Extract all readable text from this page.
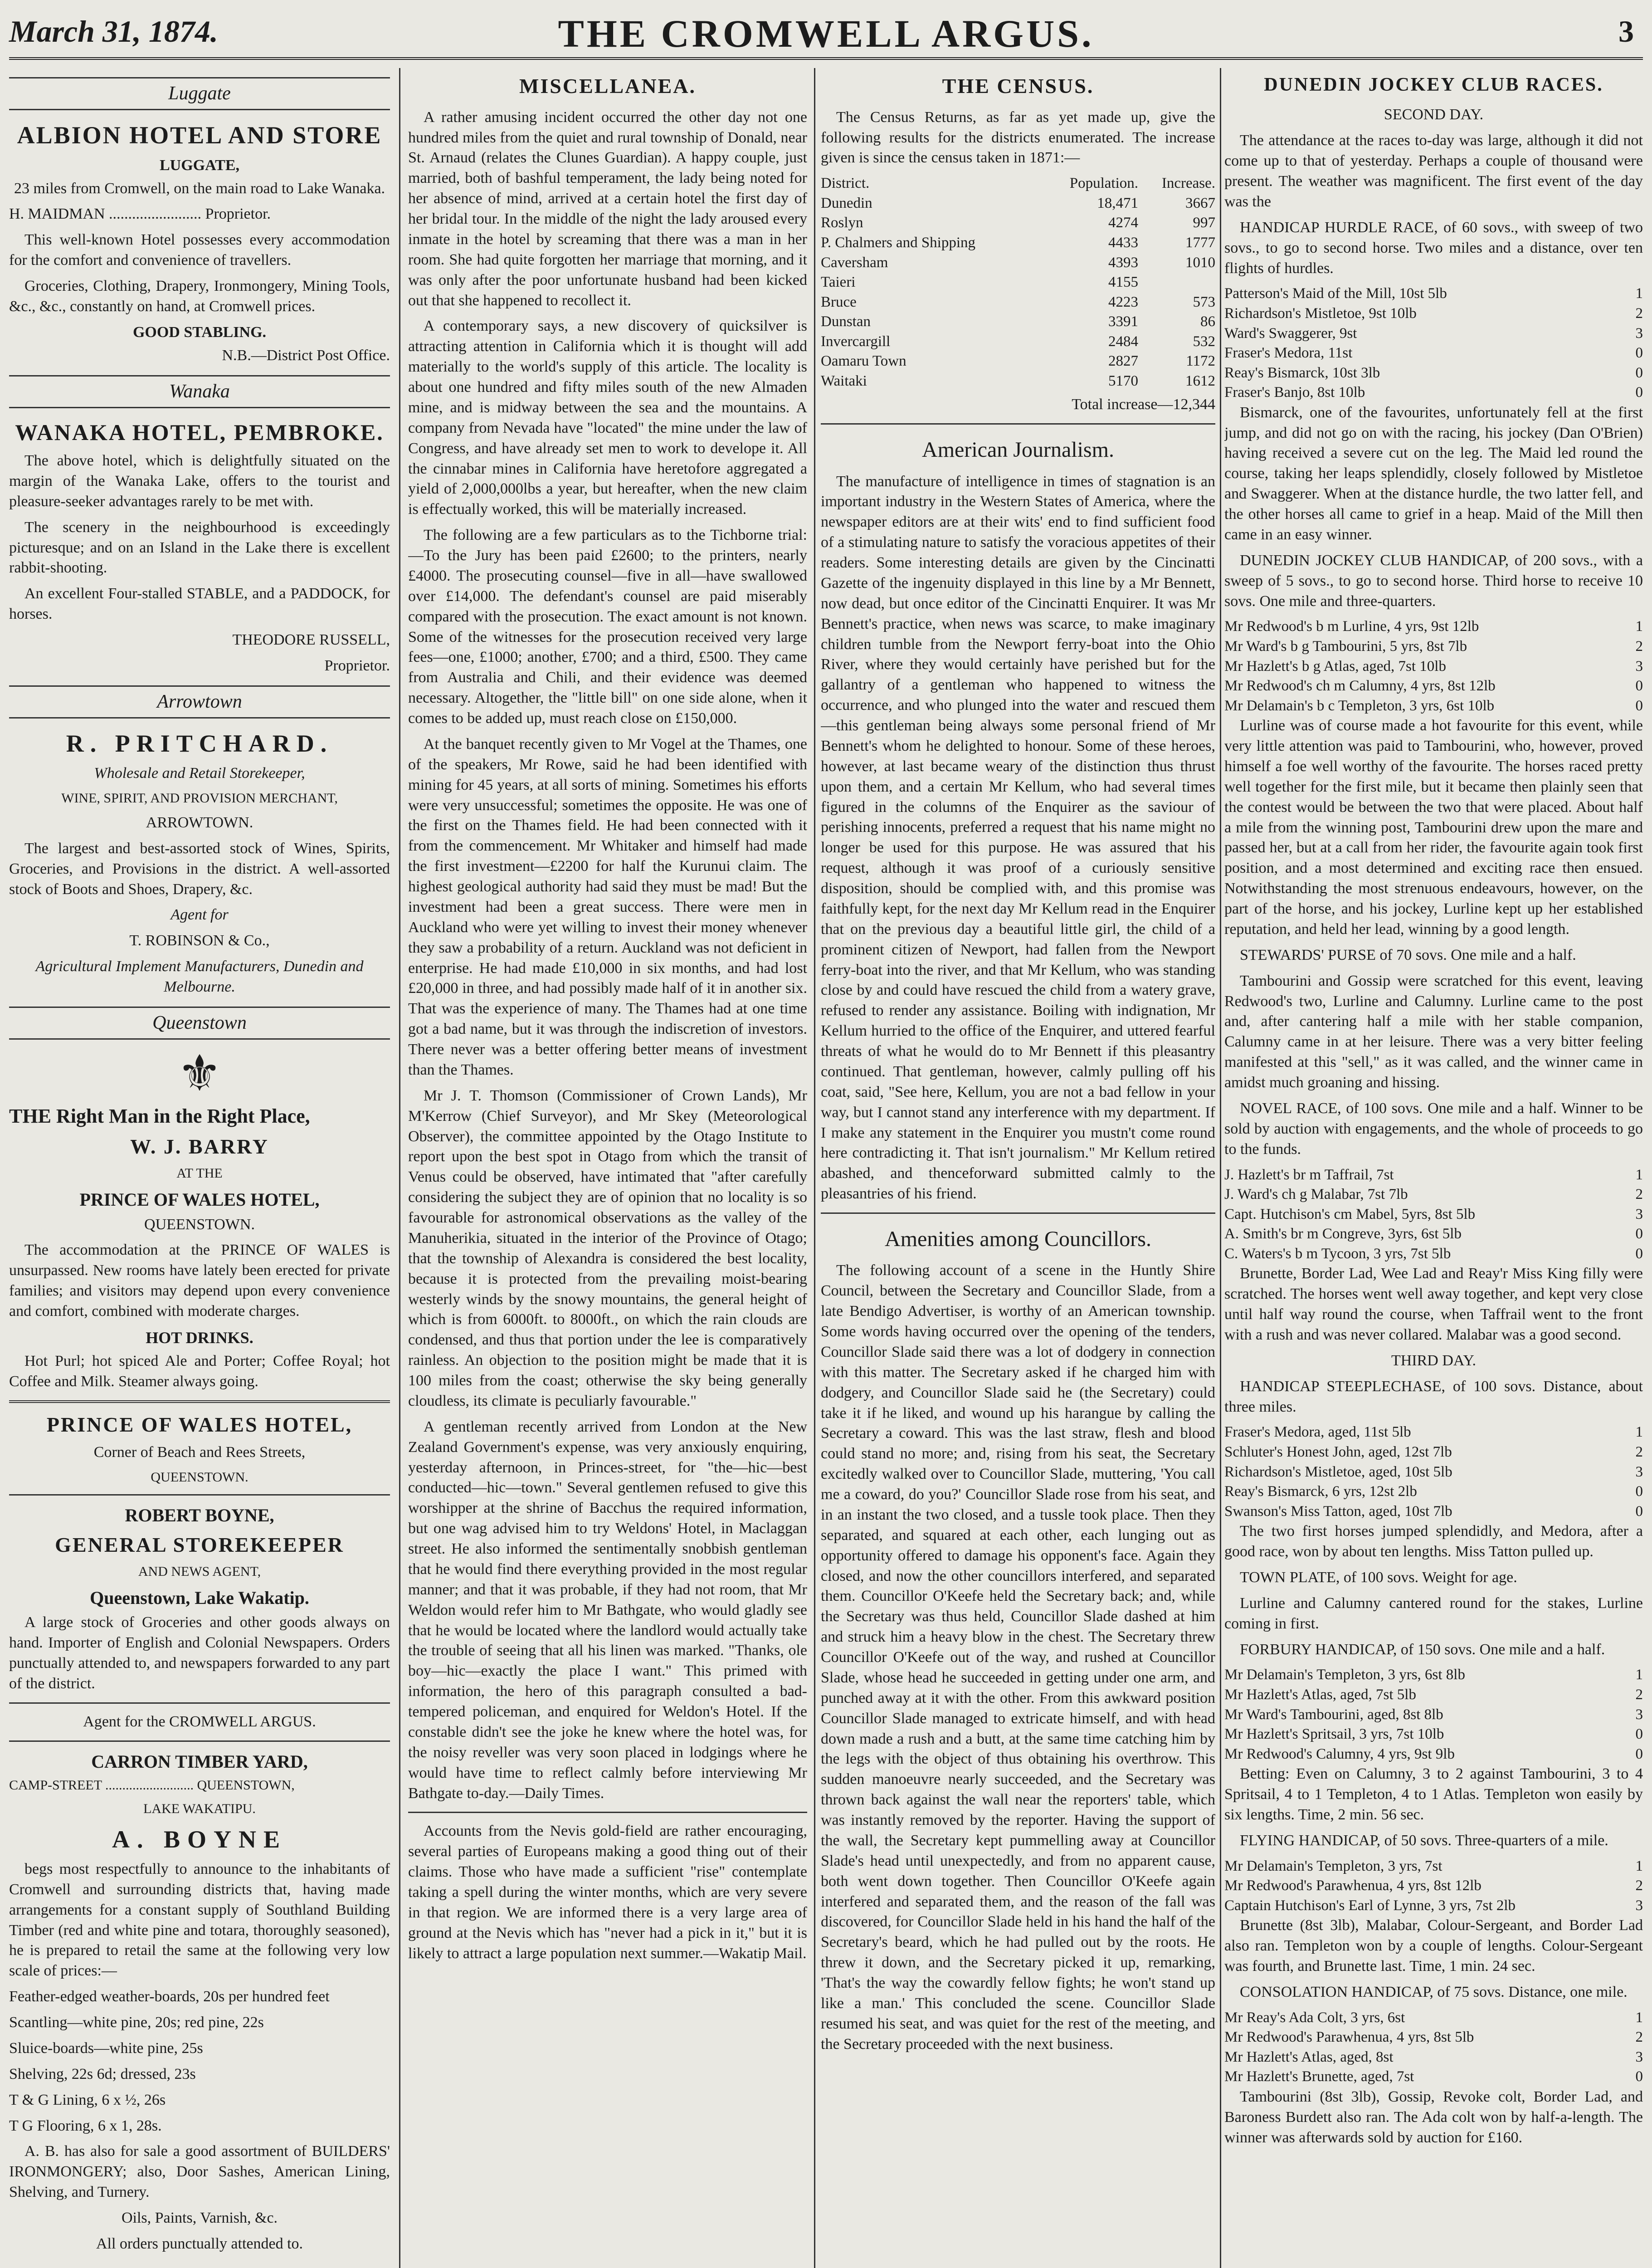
March 31, 1874.	THE CROMWELL ARGUS.	3
Luggate
ALBION HOTEL AND STORE
LUGGATE,

23 miles from Cromwell, on the main road to Lake Wanaka.

H. MAIDMAN ........................ Proprietor.

This well-known Hotel possesses every accommodation for the comfort and convenience of travellers.

Groceries, Clothing, Drapery, Ironmongery, Mining Tools, &c., &c., constantly on hand, at Cromwell prices.

GOOD STABLING.

N.B.—District Post Office.

Wanaka
WANAKA HOTEL, PEMBROKE.

The above hotel, which is delightfully situated on the margin of the Wanaka Lake, offers to the tourist and pleasure-seeker advantages rarely to be met with.

The scenery in the neighbourhood is exceedingly picturesque; and on an Island in the Lake there is excellent rabbit-shooting.

An excellent Four-stalled STABLE, and a PADDOCK, for horses.

THEODORE RUSSELL,

Proprietor.

Arrowtown
R. PRITCHARD.

Wholesale and Retail Storekeeper,

WINE, SPIRIT, AND PROVISION MERCHANT,

ARROWTOWN.

The largest and best-assorted stock of Wines, Spirits, Groceries, and Provisions in the district. A well-assorted stock of Boots and Shoes, Drapery, &c.

Agent for

T. ROBINSON & Co.,

Agricultural Implement Manufacturers, Dunedin and Melbourne.

Queenstown
⚜
THE Right Man in the Right Place,
W. J. BARRY

AT THE

PRINCE OF WALES HOTEL,

QUEENSTOWN.

The accommodation at the PRINCE OF WALES is unsurpassed. New rooms have lately been erected for private families; and visitors may depend upon every convenience and comfort, combined with moderate charges.

HOT DRINKS.

Hot Purl; hot spiced Ale and Porter; Coffee Royal; hot Coffee and Milk. Steamer always going.

PRINCE OF WALES HOTEL,

Corner of Beach and Rees Streets,

QUEENSTOWN.

ROBERT BOYNE,
GENERAL STOREKEEPER

AND NEWS AGENT,

Queenstown, Lake Wakatip.

A large stock of Groceries and other goods always on hand. Importer of English and Colonial Newspapers. Orders punctually attended to, and newspapers forwarded to any part of the district.

Agent for the CROMWELL ARGUS.

CARRON TIMBER YARD,

CAMP-STREET .......................... QUEENSTOWN,

LAKE WAKATIPU.

A. BOYNE

begs most respectfully to announce to the inhabitants of Cromwell and surrounding districts that, having made arrangements for a constant supply of Southland Building Timber (red and white pine and totara, thoroughly seasoned), he is prepared to retail the same at the following very low scale of prices:—

Feather-edged weather-boards, 20s per hundred feet

Scantling—white pine, 20s; red pine, 22s

Sluice-boards—white pine, 25s

Shelving, 22s 6d; dressed, 23s

T & G Lining, 6 x ½, 26s

T G Flooring, 6 x 1, 28s.

A. B. has also for sale a good assortment of BUILDERS' IRONMONGERY; also, Door Sashes, American Lining, Shelving, and Turnery.

Oils, Paints, Varnish, &c.

All orders punctually attended to.

MISCELLANEA.

A rather amusing incident occurred the other day not one hundred miles from the quiet and rural township of Donald, near St. Arnaud (relates the Clunes Guardian). A happy couple, just married, both of bashful temperament, the lady being noted for her absence of mind, arrived at a certain hotel the first day of her bridal tour. In the middle of the night the lady aroused every inmate in the hotel by screaming that there was a man in her room. She had quite forgotten her marriage that morning, and it was only after the poor unfortunate husband had been kicked out that she happened to recollect it.

A contemporary says, a new discovery of quicksilver is attracting attention in California which it is thought will add materially to the world's supply of this article. The locality is about one hundred and fifty miles south of the new Almaden mine, and is midway between the sea and the mountains. A company from Nevada have "located" the mine under the law of Congress, and have already set men to work to develope it. All the cinnabar mines in California have heretofore aggregated a yield of 2,000,000lbs a year, but hereafter, when the new claim is effectually worked, this will be materially increased.

The following are a few particulars as to the Tichborne trial:—To the Jury has been paid £2600; to the printers, nearly £4000. The prosecuting counsel—five in all—have swallowed over £14,000. The defendant's counsel are paid miserably compared with the prosecution. The exact amount is not known. Some of the witnesses for the prosecution received very large fees—one, £1000; another, £700; and a third, £500. They came from Australia and Chili, and their evidence was deemed necessary. Altogether, the "little bill" on one side alone, when it comes to be added up, must reach close on £150,000.

At the banquet recently given to Mr Vogel at the Thames, one of the speakers, Mr Rowe, said he had been identified with mining for 45 years, at all sorts of mining. Sometimes his efforts were very unsuccessful; sometimes the opposite. He was one of the first on the Thames field. He had been connected with it from the commencement. Mr Whitaker and himself had made the first investment—£2200 for half the Kurunui claim. The highest geological authority had said they must be mad! But the investment had been a great success. There were men in Auckland who were yet willing to invest their money whenever they saw a probability of a return. Auckland was not deficient in enterprise. He had made £10,000 in six months, and had lost £20,000 in three, and had possibly made half of it in another six. That was the experience of many. The Thames had at one time got a bad name, but it was through the indiscretion of investors. There never was a better offering better means of investment than the Thames.

Mr J. T. Thomson (Commissioner of Crown Lands), Mr M'Kerrow (Chief Surveyor), and Mr Skey (Meteorological Observer), the committee appointed by the Otago Institute to report upon the best spot in Otago from which the transit of Venus could be observed, have intimated that "after carefully considering the subject they are of opinion that no locality is so favourable for astronomical observations as the valley of the Manuherikia, situated in the interior of the Province of Otago; that the township of Alexandra is considered the best locality, because it is protected from the prevailing moist-bearing westerly winds by the snowy mountains, the general height of which is from 6000ft. to 8000ft., on which the rain clouds are condensed, and thus that portion under the lee is comparatively rainless. An objection to the position might be made that it is 100 miles from the coast; otherwise the sky being generally cloudless, its climate is peculiarly favourable."

A gentleman recently arrived from London at the New Zealand Government's expense, was very anxiously enquiring, yesterday afternoon, in Princes-street, for "the—hic—best conducted—hic—town." Several gentlemen refused to give this worshipper at the shrine of Bacchus the required information, but one wag advised him to try Weldons' Hotel, in Maclaggan street. He also informed the sentimentally snobbish gentleman that he would find there everything provided in the most regular manner; and that it was probable, if they had not room, that Mr Weldon would refer him to Mr Bathgate, who would gladly see that he would be located where the landlord would actually take the trouble of seeing that all his linen was marked. "Thanks, ole boy—hic—exactly the place I want." This primed with information, the hero of this paragraph consulted a bad-tempered policeman, and enquired for Weldon's Hotel. If the constable didn't see the joke he knew where the hotel was, for the noisy reveller was very soon placed in lodgings where he would have time to reflect calmly before interviewing Mr Bathgate to-day.—Daily Times.

Accounts from the Nevis gold-field are rather encouraging, several parties of Europeans making a good thing out of their claims. Those who have made a sufficient "rise" contemplate taking a spell during the winter months, which are very severe in that region. We are informed there is a very large area of ground at the Nevis which has "never had a pick in it," but it is likely to attract a large population next summer.—Wakatip Mail.

THE CENSUS.

The Census Returns, as far as yet made up, give the following results for the districts enumerated. The increase given is since the census taken in 1871:—

District.	Population.	Increase.
Dunedin	18,471	3667
Roslyn	4274	997
P. Chalmers and Shipping	4433	1777
Caversham	4393	1010
Taieri	4155
Bruce	4223	573
Dunstan	3391	86
Invercargill	2484	532
Oamaru Town	2827	1172
Waitaki	5170	1612

Total increase—12,344

American Journalism.

The manufacture of intelligence in times of stagnation is an important industry in the Western States of America, where the newspaper editors are at their wits' end to find sufficient food of a stimulating nature to satisfy the voracious appetites of their readers. Some interesting details are given by the Cincinatti Gazette of the ingenuity displayed in this line by a Mr Bennett, now dead, but once editor of the Cincinatti Enquirer. It was Mr Bennett's practice, when news was scarce, to make imaginary children tumble from the Newport ferry-boat into the Ohio River, where they would certainly have perished but for the gallantry of a gentleman who happened to witness the occurrence, and who plunged into the water and rescued them—this gentleman being always some personal friend of Mr Bennett's whom he delighted to honour. Some of these heroes, however, at last became weary of the distinction thus thrust upon them, and a certain Mr Kellum, who had several times figured in the columns of the Enquirer as the saviour of perishing innocents, preferred a request that his name might no longer be used for this purpose. He was assured that his request, although it was proof of a curiously sensitive disposition, should be complied with, and this promise was faithfully kept, for the next day Mr Kellum read in the Enquirer that on the previous day a beautiful little girl, the child of a prominent citizen of Newport, had fallen from the Newport ferry-boat into the river, and that Mr Kellum, who was standing close by and could have rescued the child from a watery grave, refused to render any assistance. Boiling with indignation, Mr Kellum hurried to the office of the Enquirer, and uttered fearful threats of what he would do to Mr Bennett if this pleasantry continued. That gentleman, however, calmly pulling off his coat, said, "See here, Kellum, you are not a bad fellow in your way, but I cannot stand any interference with my department. If I make any statement in the Enquirer you mustn't come round here contradicting it. That isn't journalism." Mr Kellum retired abashed, and thenceforward submitted calmly to the pleasantries of his friend.

Amenities among Councillors.

The following account of a scene in the Huntly Shire Council, between the Secretary and Councillor Slade, from a late Bendigo Advertiser, is worthy of an American township. Some words having occurred over the opening of the tenders, Councillor Slade said there was a lot of dodgery in connection with this matter. The Secretary asked if he charged him with dodgery, and Councillor Slade said he (the Secretary) could take it if he liked, and wound up his harangue by calling the Secretary a coward. This was the last straw, flesh and blood could stand no more; and, rising from his seat, the Secretary excitedly walked over to Councillor Slade, muttering, 'You call me a coward, do you?' Councillor Slade rose from his seat, and in an instant the two closed, and a tussle took place. Then they separated, and squared at each other, each lunging out as opportunity offered to damage his opponent's face. Again they closed, and now the other councillors interfered, and separated them. Councillor O'Keefe held the Secretary back; and, while the Secretary was thus held, Councillor Slade dashed at him and struck him a heavy blow in the chest. The Secretary threw Councillor O'Keefe out of the way, and rushed at Councillor Slade, whose head he succeeded in getting under one arm, and punched away at it with the other. From this awkward position Councillor Slade managed to extricate himself, and with head down made a rush and a butt, at the same time catching him by the legs with the object of thus obtaining his overthrow. This sudden manoeuvre nearly succeeded, and the Secretary was thrown back against the wall near the reporters' table, which was instantly removed by the reporter. Having the support of the wall, the Secretary kept pummelling away at Councillor Slade's head until unexpectedly, and from no apparent cause, both went down together. Then Councillor O'Keefe again interfered and separated them, and the reason of the fall was discovered, for Councillor Slade held in his hand the half of the Secretary's beard, which he had pulled out by the roots. He threw it down, and the Secretary picked it up, remarking, 'That's the way the cowardly fellow fights; he won't stand up like a man.' This concluded the scene. Councillor Slade resumed his seat, and was quiet for the rest of the meeting, and the Secretary proceeded with the next business.

DUNEDIN JOCKEY CLUB RACES.

SECOND DAY.

The attendance at the races to-day was large, although it did not come up to that of yesterday. Perhaps a couple of thousand were present. The weather was magnificent. The first event of the day was the

HANDICAP HURDLE RACE, of 60 sovs., with sweep of two sovs., to go to second horse. Two miles and a distance, over ten flights of hurdles.

Patterson's Maid of the Mill, 10st 5lb	1
Richardson's Mistletoe, 9st 10lb	2
Ward's Swaggerer, 9st	3
Fraser's Medora, 11st	0
Reay's Bismarck, 10st 3lb	0
Fraser's Banjo, 8st 10lb	0

Bismarck, one of the favourites, unfortunately fell at the first jump, and did not go on with the racing, his jockey (Dan O'Brien) having received a severe cut on the leg. The Maid led round the course, taking her leaps splendidly, closely followed by Mistletoe and Swaggerer. When at the distance hurdle, the two latter fell, and the other horses all came to grief in a heap. Maid of the Mill then came in an easy winner.

DUNEDIN JOCKEY CLUB HANDICAP, of 200 sovs., with a sweep of 5 sovs., to go to second horse. Third horse to receive 10 sovs. One mile and three-quarters.

Mr Redwood's b m Lurline, 4 yrs, 9st 12lb	1
Mr Ward's b g Tambourini, 5 yrs, 8st 7lb	2
Mr Hazlett's b g Atlas, aged, 7st 10lb	3
Mr Redwood's ch m Calumny, 4 yrs, 8st 12lb	0
Mr Delamain's b c Templeton, 3 yrs, 6st 10lb	0

Lurline was of course made a hot favourite for this event, while very little attention was paid to Tambourini, who, however, proved himself a foe well worthy of the favourite. The horses raced pretty well together for the first mile, but it became then plainly seen that the contest would be between the two that were placed. About half a mile from the winning post, Tambourini drew upon the mare and passed her, but at a call from her rider, the favourite again took first position, and a most determined and exciting race then ensued. Notwithstanding the most strenuous endeavours, however, on the part of the horse, and his jockey, Lurline kept up her established reputation, and held her lead, winning by a good length.

STEWARDS' PURSE of 70 sovs. One mile and a half.

Tambourini and Gossip were scratched for this event, leaving Redwood's two, Lurline and Calumny. Lurline came to the post and, after cantering half a mile with her stable companion, Calumny came in at her leisure. There was a very bitter feeling manifested at this "sell," as it was called, and the winner came in amidst much groaning and hissing.

NOVEL RACE, of 100 sovs. One mile and a half. Winner to be sold by auction with engagements, and the whole of proceeds to go to the funds.

J. Hazlett's br m Taffrail, 7st	1
J. Ward's ch g Malabar, 7st 7lb	2
Capt. Hutchison's cm Mabel, 5yrs, 8st 5lb	3
A. Smith's br m Congreve, 3yrs, 6st 5lb	0
C. Waters's b m Tycoon, 3 yrs, 7st 5lb	0

Brunette, Border Lad, Wee Lad and Reay'r Miss King filly were scratched. The horses went well away together, and kept very close until half way round the course, when Taffrail went to the front with a rush and was never collared. Malabar was a good second.

THIRD DAY.

HANDICAP STEEPLECHASE, of 100 sovs. Distance, about three miles.

Fraser's Medora, aged, 11st 5lb	1
Schluter's Honest John, aged, 12st 7lb	2
Richardson's Mistletoe, aged, 10st 5lb	3
Reay's Bismarck, 6 yrs, 12st 2lb	0
Swanson's Miss Tatton, aged, 10st 7lb	0

The two first horses jumped splendidly, and Medora, after a good race, won by about ten lengths. Miss Tatton pulled up.

TOWN PLATE, of 100 sovs. Weight for age.

Lurline and Calumny cantered round for the stakes, Lurline coming in first.

FORBURY HANDICAP, of 150 sovs. One mile and a half.

Mr Delamain's Templeton, 3 yrs, 6st 8lb	1
Mr Hazlett's Atlas, aged, 7st 5lb	2
Mr Ward's Tambourini, aged, 8st 8lb	3
Mr Hazlett's Spritsail, 3 yrs, 7st 10lb	0
Mr Redwood's Calumny, 4 yrs, 9st 9lb	0

Betting: Even on Calumny, 3 to 2 against Tambourini, 3 to 4 Spritsail, 4 to 1 Templeton, 4 to 1 Atlas. Templeton won easily by six lengths. Time, 2 min. 56 sec.

FLYING HANDICAP, of 50 sovs. Three-quarters of a mile.

Mr Delamain's Templeton, 3 yrs, 7st	1
Mr Redwood's Parawhenua, 4 yrs, 8st 12lb	2
Captain Hutchison's Earl of Lynne, 3 yrs, 7st 2lb	3

Brunette (8st 3lb), Malabar, Colour-Sergeant, and Border Lad also ran. Templeton won by a couple of lengths. Colour-Sergeant was fourth, and Brunette last. Time, 1 min. 24 sec.

CONSOLATION HANDICAP, of 75 sovs. Distance, one mile.

Mr Reay's Ada Colt, 3 yrs, 6st	1
Mr Redwood's Parawhenua, 4 yrs, 8st 5lb	2
Mr Hazlett's Atlas, aged, 8st	3
Mr Hazlett's Brunette, aged, 7st	0

Tambourini (8st 3lb), Gossip, Revoke colt, Border Lad, and Baroness Burdett also ran. The Ada colt won by half-a-length. The winner was afterwards sold by auction for £160.
